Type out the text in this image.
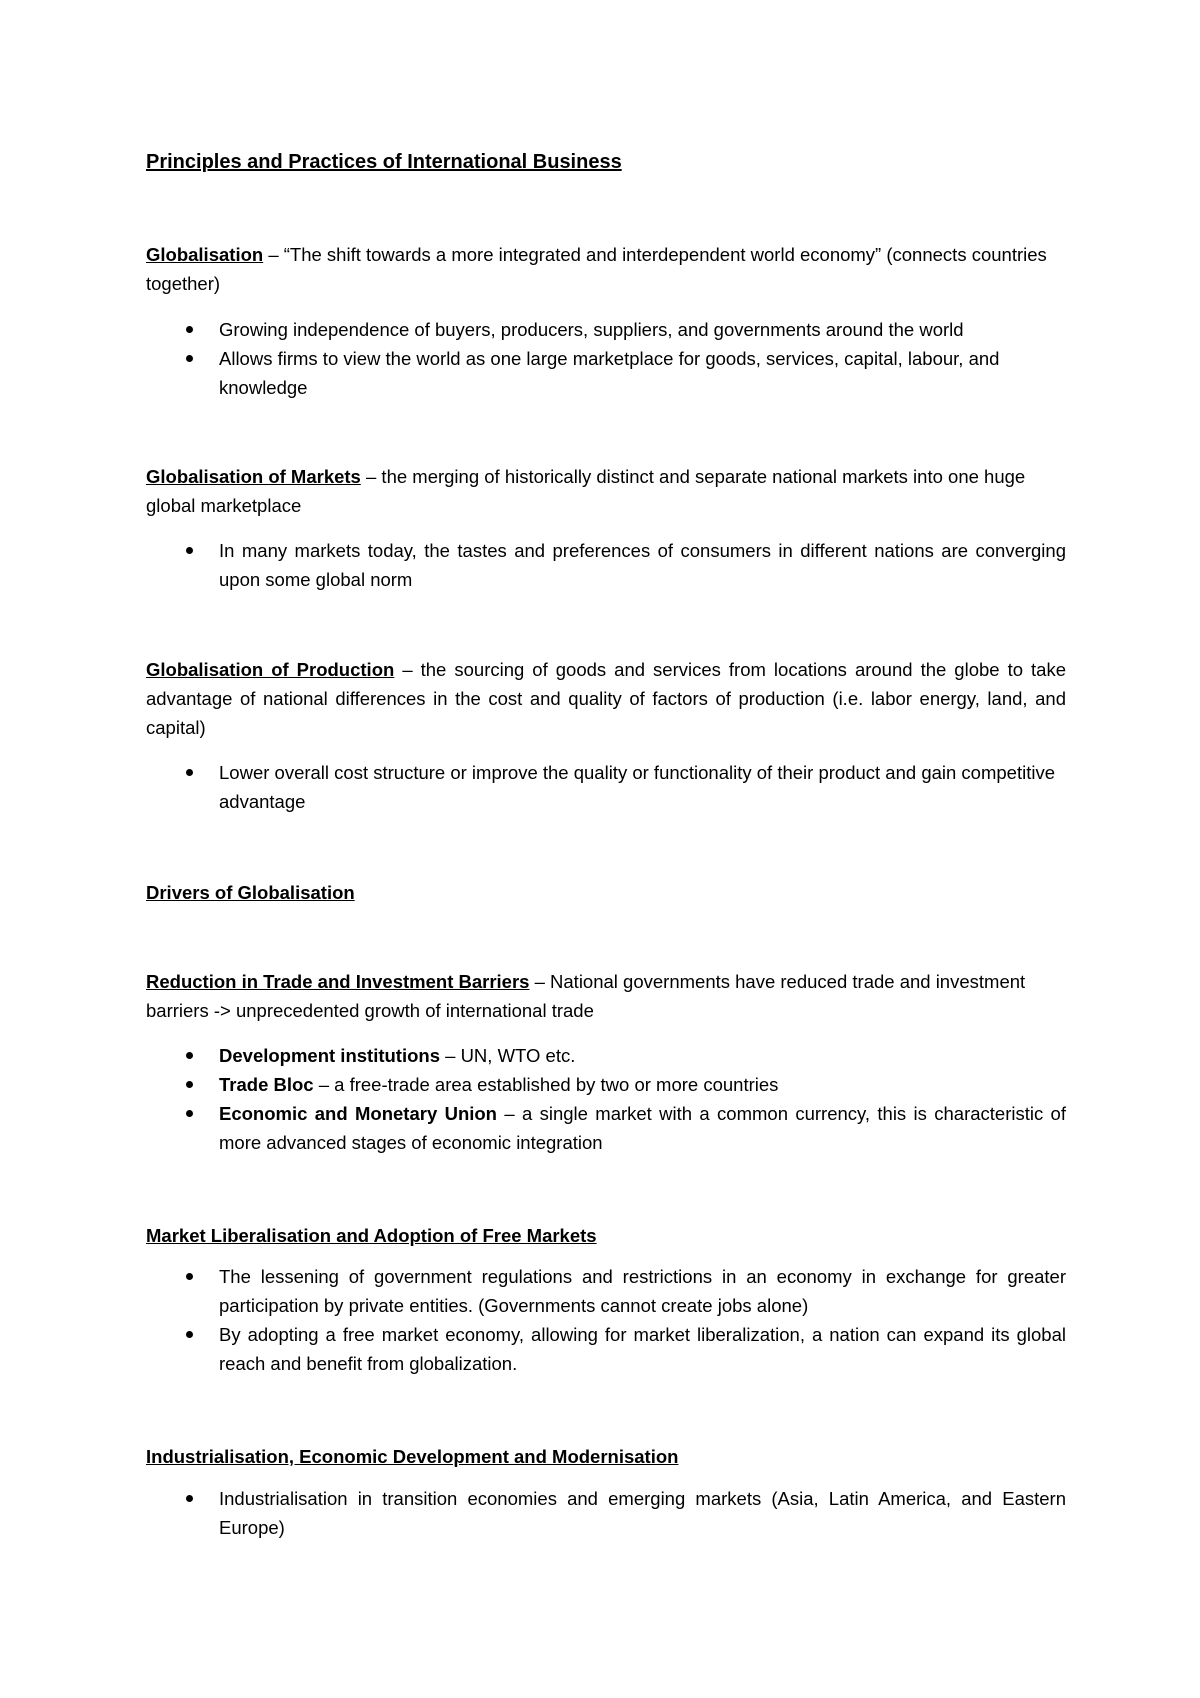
Principles and Practices of International Business
Globalisation – “The shift towards a more integrated and interdependent world economy” (connects countries together)
Growing independence of buyers, producers, suppliers, and governments around the world
Allows firms to view the world as one large marketplace for goods, services, capital, labour, and knowledge
Globalisation of Markets – the merging of historically distinct and separate national markets into one huge global marketplace
In many markets today, the tastes and preferences of consumers in different nations are converging upon some global norm
Globalisation of Production – the sourcing of goods and services from locations around the globe to take advantage of national differences in the cost and quality of factors of production (i.e. labor energy, land, and capital)
Lower overall cost structure or improve the quality or functionality of their product and gain competitive advantage
Drivers of Globalisation
Reduction in Trade and Investment Barriers – National governments have reduced trade and investment barriers -> unprecedented growth of international trade
Development institutions – UN, WTO etc.
Trade Bloc – a free-trade area established by two or more countries
Economic and Monetary Union – a single market with a common currency, this is characteristic of more advanced stages of economic integration
Market Liberalisation and Adoption of Free Markets
The lessening of government regulations and restrictions in an economy in exchange for greater participation by private entities. (Governments cannot create jobs alone)
By adopting a free market economy, allowing for market liberalization, a nation can expand its global reach and benefit from globalization.
Industrialisation, Economic Development and Modernisation
Industrialisation in transition economies and emerging markets (Asia, Latin America, and Eastern Europe)
